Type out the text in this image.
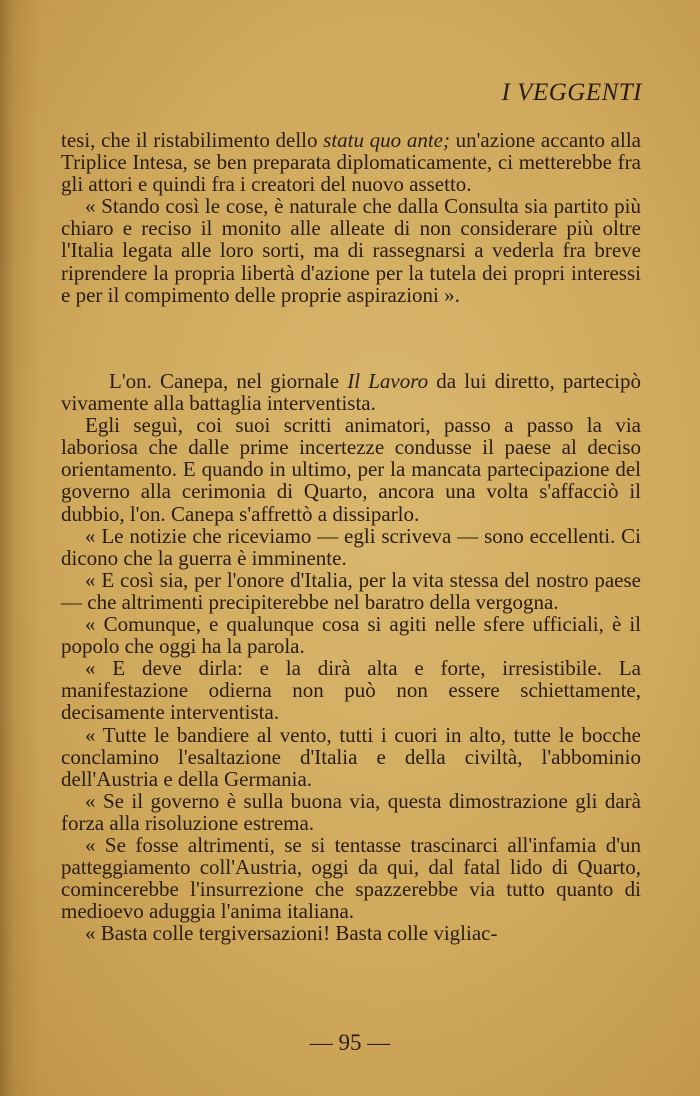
I VEGGENTI

tesi, che il ristabilimento dello statu quo ante; un'azione accanto alla Triplice Intesa, se ben preparata diplomaticamente, ci metterebbe fra gli attori e quindi fra i creatori del nuovo assetto.

« Stando così le cose, è naturale che dalla Consulta sia partito più chiaro e reciso il monito alle alleate di non considerare più oltre l'Italia legata alle loro sorti, ma di rassegnarsi a vederla fra breve riprendere la propria libertà d'azione per la tutela dei propri interessi e per il compimento delle proprie aspirazioni ».

L'on. Canepa, nel giornale Il Lavoro da lui diretto, partecipò vivamente alla battaglia interventista.

Egli seguì, coi suoi scritti animatori, passo a passo la via laboriosa che dalle prime incertezze condusse il paese al deciso orientamento. E quando in ultimo, per la mancata partecipazione del governo alla cerimonia di Quarto, ancora una volta s'affacciò il dubbio, l'on. Canepa s'affrettò a dissiparlo.

« Le notizie che riceviamo — egli scriveva — sono eccellenti. Ci dicono che la guerra è imminente.

« E così sia, per l'onore d'Italia, per la vita stessa del nostro paese — che altrimenti precipiterebbe nel baratro della vergogna.

« Comunque, e qualunque cosa si agiti nelle sfere ufficiali, è il popolo che oggi ha la parola.

« E deve dirla: e la dirà alta e forte, irresistibile. La manifestazione odierna non può non essere schiettamente, decisamente interventista.

« Tutte le bandiere al vento, tutti i cuori in alto, tutte le bocche conclamino l'esaltazione d'Italia e della civiltà, l'abbominio dell'Austria e della Germania.

« Se il governo è sulla buona via, questa dimostrazione gli darà forza alla risoluzione estrema.

« Se fosse altrimenti, se si tentasse trascinarci all'infamia d'un patteggiamento coll'Austria, oggi da qui, dal fatal lido di Quarto, comincerebbe l'insurrezione che spazzerebbe via tutto quanto di medioevo aduggia l'anima italiana.

« Basta colle tergiversazioni! Basta colle vigliac-

— 95 —
